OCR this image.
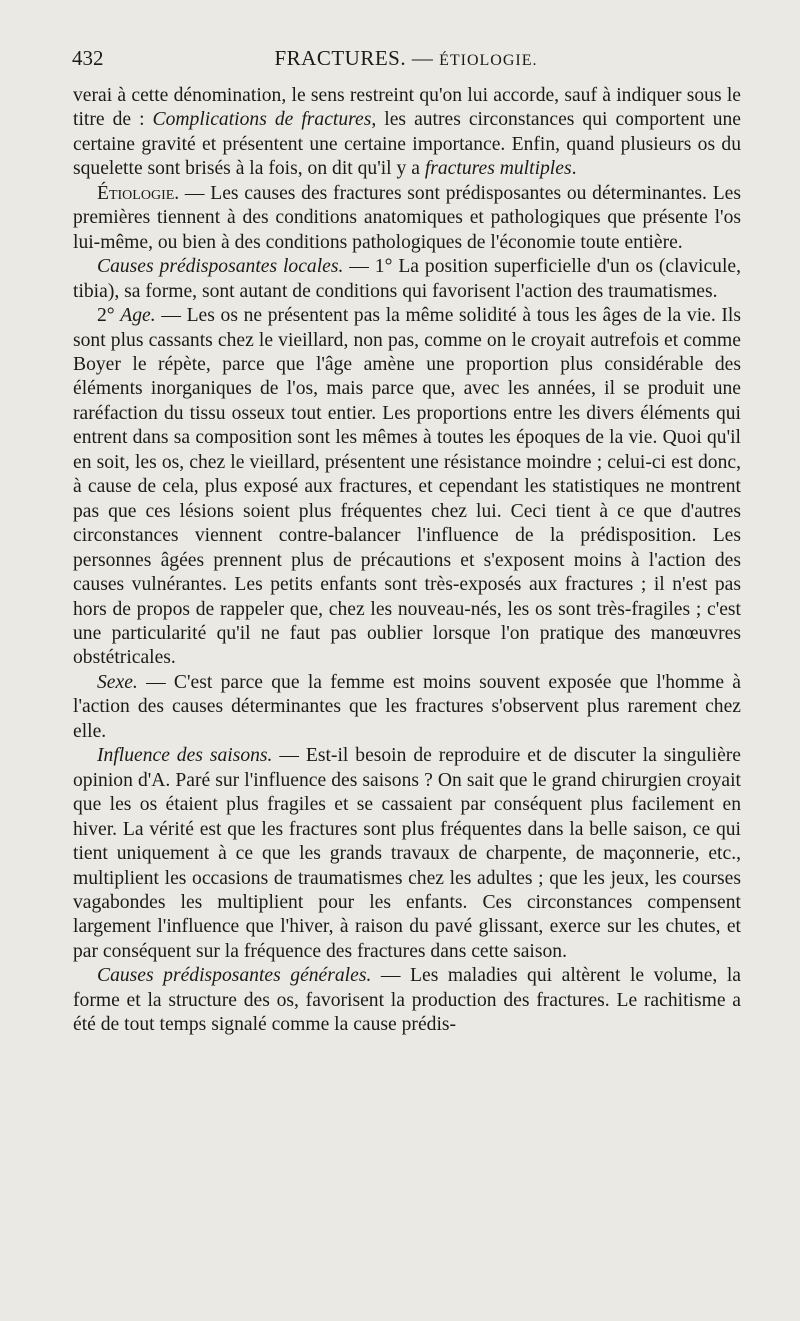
432	FRACTURES. — ÉTIOLOGIE.

verai à cette dénomination, le sens restreint qu'on lui accorde, sauf à indiquer sous le titre de : Complications de fractures, les autres circonstances qui comportent une certaine gravité et présentent une certaine importance. Enfin, quand plusieurs os du squelette sont brisés à la fois, on dit qu'il y a fractures multiples.

Étiologie. — Les causes des fractures sont prédisposantes ou déterminantes. Les premières tiennent à des conditions anatomiques et pathologiques que présente l'os lui-même, ou bien à des conditions pathologiques de l'économie toute entière.

Causes prédisposantes locales. — 1° La position superficielle d'un os (clavicule, tibia), sa forme, sont autant de conditions qui favorisent l'action des traumatismes.

2° Age. — Les os ne présentent pas la même solidité à tous les âges de la vie. Ils sont plus cassants chez le vieillard, non pas, comme on le croyait autrefois et comme Boyer le répète, parce que l'âge amène une proportion plus considérable des éléments inorganiques de l'os, mais parce que, avec les années, il se produit une raréfaction du tissu osseux tout entier. Les proportions entre les divers éléments qui entrent dans sa composition sont les mêmes à toutes les époques de la vie. Quoi qu'il en soit, les os, chez le vieillard, présentent une résistance moindre ; celui-ci est donc, à cause de cela, plus exposé aux fractures, et cependant les statistiques ne montrent pas que ces lésions soient plus fréquentes chez lui. Ceci tient à ce que d'autres circonstances viennent contre-balancer l'influence de la prédisposition. Les personnes âgées prennent plus de précautions et s'exposent moins à l'action des causes vulnérantes. Les petits enfants sont très-exposés aux fractures ; il n'est pas hors de propos de rappeler que, chez les nouveau-nés, les os sont très-fragiles ; c'est une particularité qu'il ne faut pas oublier lorsque l'on pratique des manœuvres obstétricales.

Sexe. — C'est parce que la femme est moins souvent exposée que l'homme à l'action des causes déterminantes que les fractures s'observent plus rarement chez elle.

Influence des saisons. — Est-il besoin de reproduire et de discuter la singulière opinion d'A. Paré sur l'influence des saisons ? On sait que le grand chirurgien croyait que les os étaient plus fragiles et se cassaient par conséquent plus facilement en hiver. La vérité est que les fractures sont plus fréquentes dans la belle saison, ce qui tient uniquement à ce que les grands travaux de charpente, de maçonnerie, etc., multiplient les occasions de traumatismes chez les adultes ; que les jeux, les courses vagabondes les multiplient pour les enfants. Ces circonstances compensent largement l'influence que l'hiver, à raison du pavé glissant, exerce sur les chutes, et par conséquent sur la fréquence des fractures dans cette saison.

Causes prédisposantes générales. — Les maladies qui altèrent le volume, la forme et la structure des os, favorisent la production des fractures. Le rachitisme a été de tout temps signalé comme la cause prédis-
